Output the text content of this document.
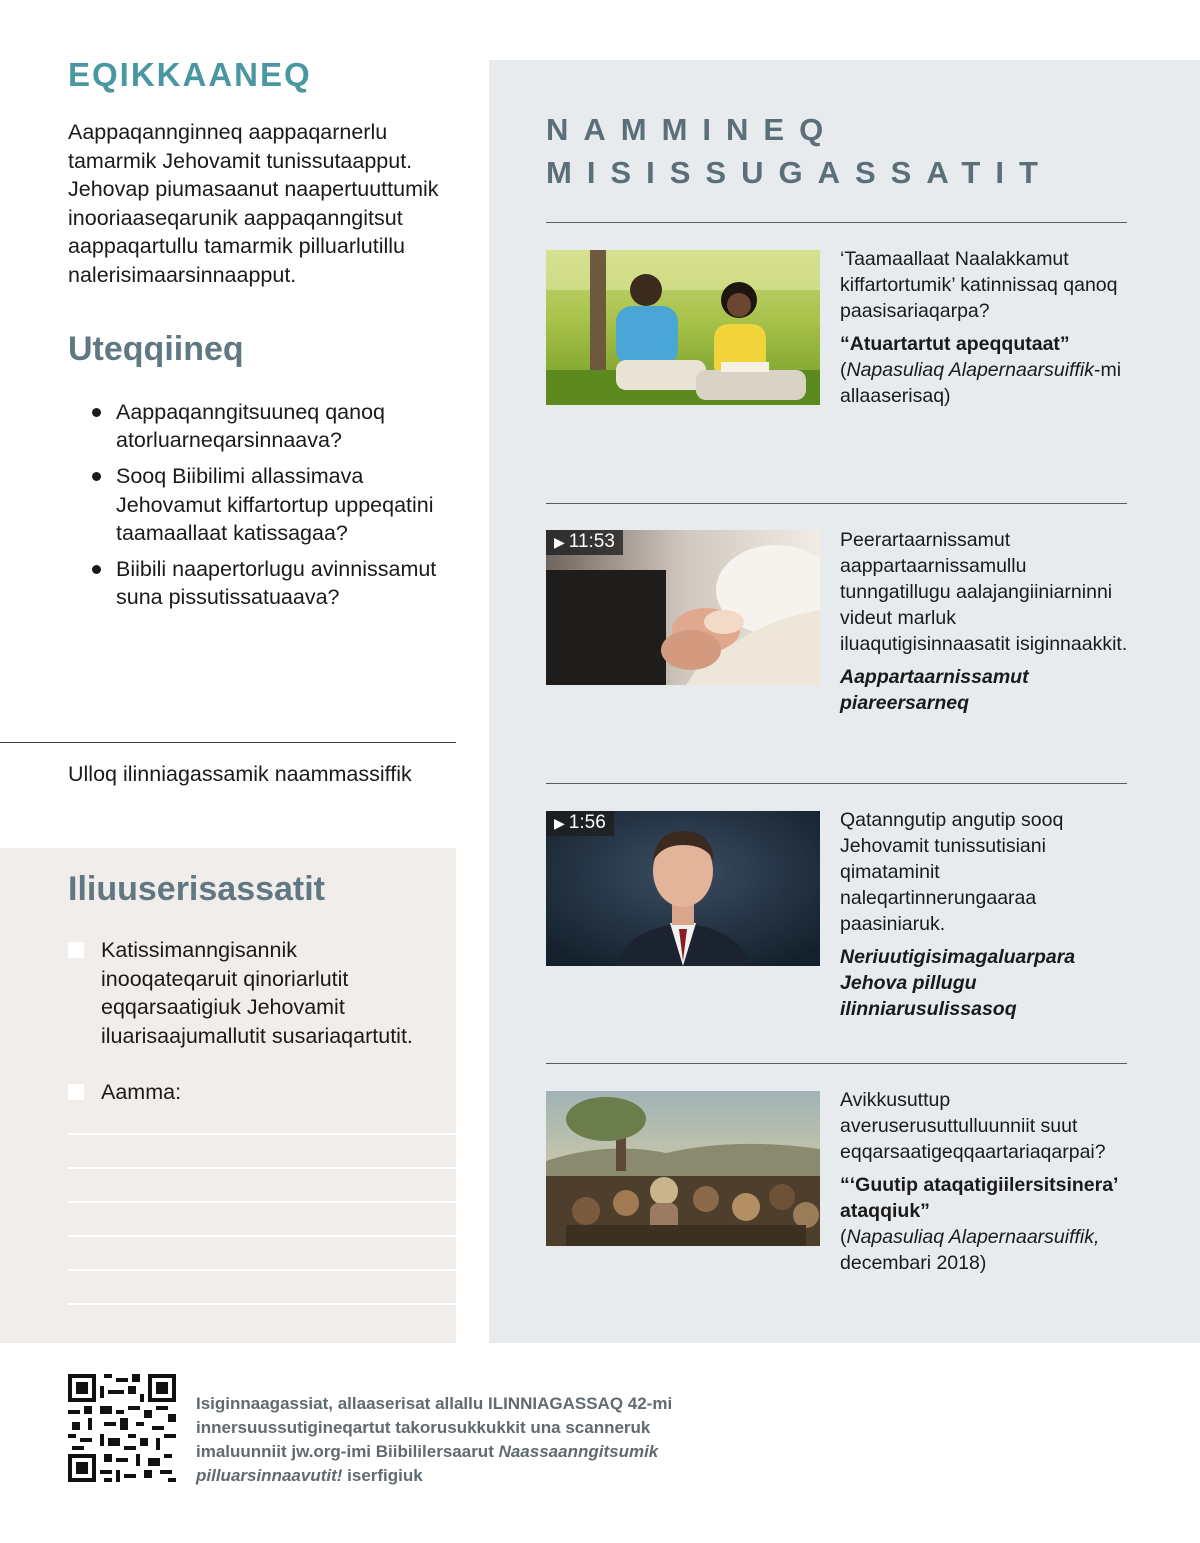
EQIKKAANEQ

Aappaqannginneq aappaqarnerlu tamarmik Jehovamit tunissutaapput. Jehovap piumasaanut naapertuuttumik inooriaaseqarunik aappaqanngitsut aappaqartullu tamarmik pilluarlutillu nalerisimaarsinnaapput.

Uteqqiineq
Aappaqanngitsuuneq qanoq atorluarneqarsinnaava?
Sooq Biibilimi allassimava Jehovamut kiffartortup uppeqatini taamaallaat katissagaa?
Biibili naapertorlugu avinnissamut suna pissutissatuaava?
Ulloq ilinniagassamik naammassiffik
Iliuuserisassatit
Katissimanngisannik inooqateqaruit qinoriarlutit eqqarsaatigiuk Jehovamit iluarisaajumallutit susariaqartutit.
Aamma:
NAMMINEQ MISISSUGASSATIT

‘Taamaallaat Naalakkamut kiffartortumik’ katinnissaq qanoq paasisariaqarpa?

“Atuartartut apeqqutaat”

(Napasuliaq Alapernaarsuiffik-mi allaaserisaq)

▶ 11:53	Peerartaarnissamut aappartaarnissamullu tunngatillugu aalajangiiniarninni videut marluk iluaqutigisinnaasatit isiginnaakkit.

Aappartaarnissamut piareersarneq

▶ 1:56	Qatanngutip angutip sooq Jehovamit tunissutisiani qimataminit naleqartinnerungaaraa paasiniaruk.

Neriuutigisimagaluarpara Jehova pillugu ilinniarusulissasoq

Avikkusuttup averuserusuttulluunniit suut eqqarsaatigeqqaartariaqarpai?

“‘Guutip ataqatigiilersitsinera’ ataqqiuk”

(Napasuliaq Alapernaarsuiffik, decembari 2018)

Isiginnaagassiat, allaaserisat allallu ILINNIAGASSAQ 42-mi innersuussutigineqartut takorusukkukkit una scanneruk imaluunniit jw.org-imi Biibililersaarut Naassaanngitsumik pilluarsinnaavutit! iserfigiuk
